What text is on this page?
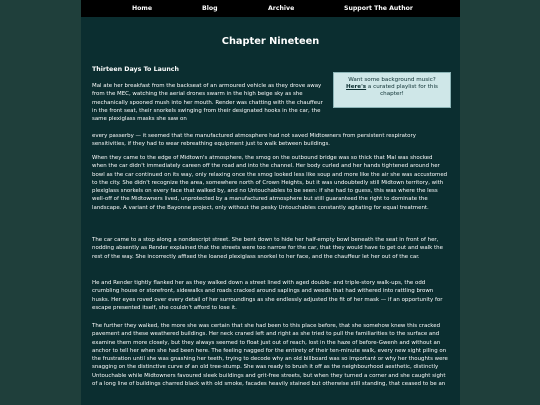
Home	Blog	Archive	Support The Author
Chapter Nineteen
Thirteen Days To Launch
Want some background music?
Here's a curated playlist for this chapter!

Mal ate her breakfast from the backseat of an armoured vehicle as they drove away from the MEC, watching the aerial drones swarm in the high beige sky as she mechanically spooned mush into her mouth. Render was chatting with the chauffeur in the front seat, their snorkels swinging from their designated hooks in the car, the same plexiglass masks she saw on

every passerby — it seemed that the manufactured atmosphere had not saved Midtowners from persistent respiratory sensitivities, if they had to wear rebreathing equipment just to walk between buildings.

When they came to the edge of Midtown's atmosphere, the smog on the outbound bridge was so thick that Mal was shocked when the car didn't immediately careen off the road and into the channel. Her body curled and her hands tightened around her bowl as the car continued on its way, only relaxing once the smog looked less like soup and more like the air she was accustomed to the city. She didn't recognize the area, somewhere north of Crown Heights, but it was undoubtedly still Midtown territory, with plexiglass snorkels on every face that walked by, and no Untouchables to be seen: if she had to guess, this was where the less well-off of the Midtowners lived, unprotected by a manufactured atmosphere but still guaranteed the right to dominate the landscape. A variant of the Bayonne project, only without the pesky Untouchables constantly agitating for equal treatment.

The car came to a stop along a nondescript street. She bent down to hide her half-empty bowl beneath the seat in front of her, nodding absently as Render explained that the streets were too narrow for the car, that they would have to get out and walk the rest of the way. She incorrectly affixed the loaned plexiglass snorkel to her face, and the chauffeur let her out of the car.

He and Render tightly flanked her as they walked down a street lined with aged double- and triple-story walk-ups, the odd crumbling house or storefront, sidewalks and roads cracked around saplings and weeds that had withered into rattling brown husks. Her eyes roved over every detail of her surroundings as she endlessly adjusted the fit of her mask — if an opportunity for escape presented itself, she couldn't afford to lose it.

The further they walked, the more she was certain that she had been to this place before, that she somehow knew this cracked pavement and these weathered buildings. Her neck craned left and right as she tried to pull the familiarities to the surface and examine them more closely, but they always seemed to float just out of reach, lost in the haze of before-Gwenh and without an anchor to tell her when she had been here. The feeling nagged for the entirety of their ten-minute walk, every new sight piling on the frustration until she was gnashing her teeth, trying to decode why an old billboard was so important or why her thoughts were snagging on the distinctive curve of an old tree-stump. She was ready to brush it off as the neighbourhood aesthetic, distinctly Untouchable while Midtowners favoured sleek buildings and grit-free streets, but when they turned a corner and she caught sight of a long line of buildings charred black with old smoke, facades heavily stained but otherwise still standing, that ceased to be an
